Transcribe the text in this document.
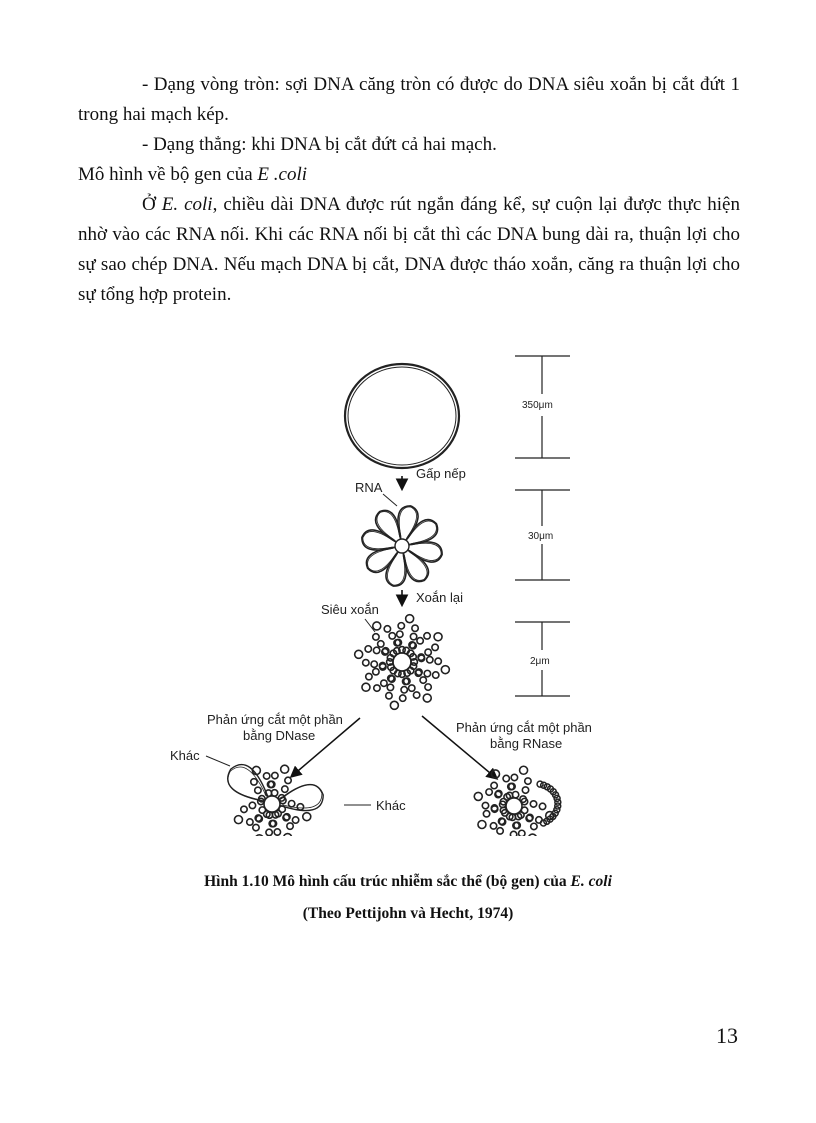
- Dạng vòng tròn: sợi DNA căng tròn có được do DNA siêu xoắn bị cắt đứt 1 trong hai mạch kép.

- Dạng thẳng: khi DNA bị cắt đứt cả hai mạch.

Mô hình về bộ gen của E .coli

Ở E. coli, chiều dài DNA được rút ngắn đáng kể, sự cuộn lại được thực hiện nhờ vào các RNA nối. Khi các RNA nối bị cắt thì các DNA bung dài ra, thuận lợi cho sự sao chép DNA. Nếu mạch DNA bị cắt, DNA được tháo xoắn, căng ra thuận lợi cho sự tổng hợp protein.

Gấp nếp
RNA
Xoắn lại
Siêu xoắn
350μm
30μm
2μm
Phản ứng cắt một phần
bằng DNase
Phản ứng cắt một phần
bằng RNase
Khác
Khác
Hình 1.10 Mô hình cấu trúc nhiễm sắc thể (bộ gen) của E. coli
(Theo Pettijohn và Hecht, 1974)
13
